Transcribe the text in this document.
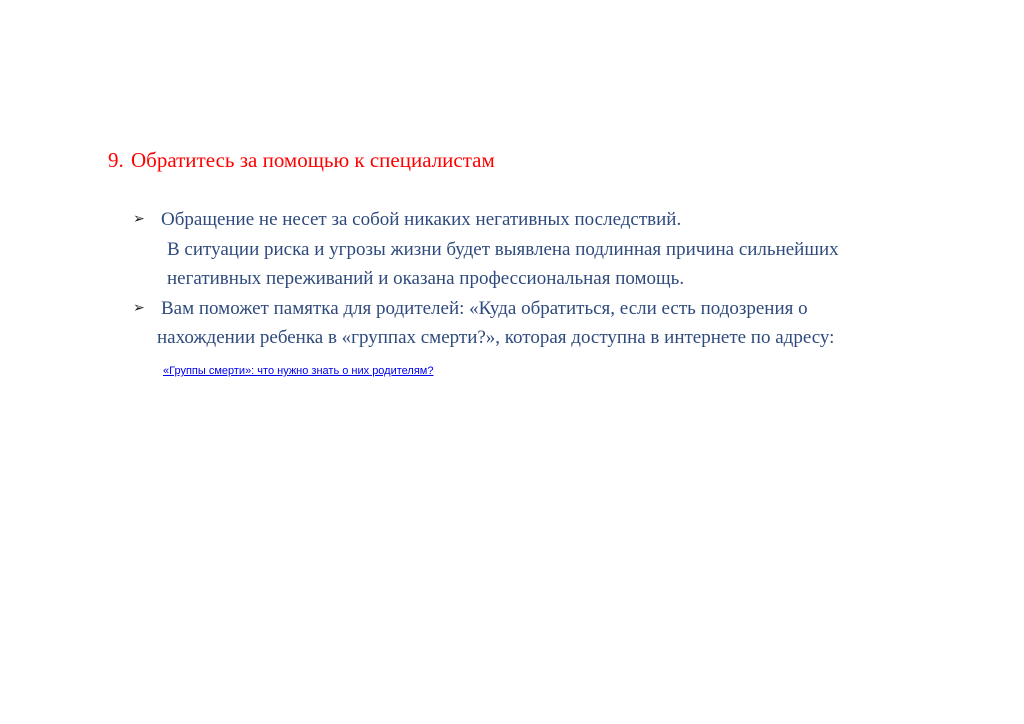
9. Обратитесь за помощью к специалистам
➢ Обращение не несет за собой никаких негативных последствий.
В ситуации риска и угрозы жизни будет выявлена подлинная причина сильнейших
негативных переживаний и оказана профессиональная помощь.
➢ Вам поможет памятка для родителей: «Куда обратиться, если есть подозрения о
нахождении ребенка в «группах смерти?», которая доступна в интернете по адресу:
«Группы смерти»: что нужно знать о них родителям?
